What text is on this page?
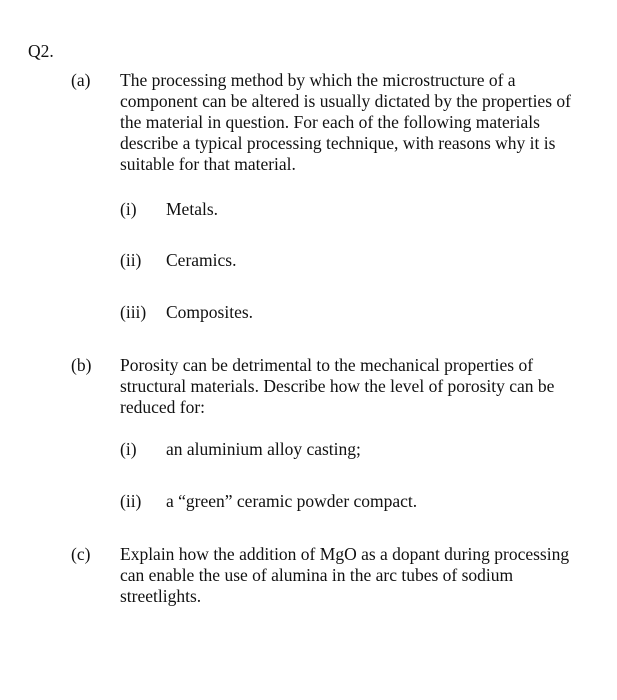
Q2.
(a) The processing method by which the microstructure of a
component can be altered is usually dictated by the properties of
the material in question. For each of the following materials
describe a typical processing technique, with reasons why it is
suitable for that material.
(i) Metals.
(ii) Ceramics.
(iii) Composites.
(b) Porosity can be detrimental to the mechanical properties of
structural materials. Describe how the level of porosity can be
reduced for:
(i) an aluminium alloy casting;
(ii) a “green” ceramic powder compact.
(c) Explain how the addition of MgO as a dopant during processing
can enable the use of alumina in the arc tubes of sodium
streetlights.
